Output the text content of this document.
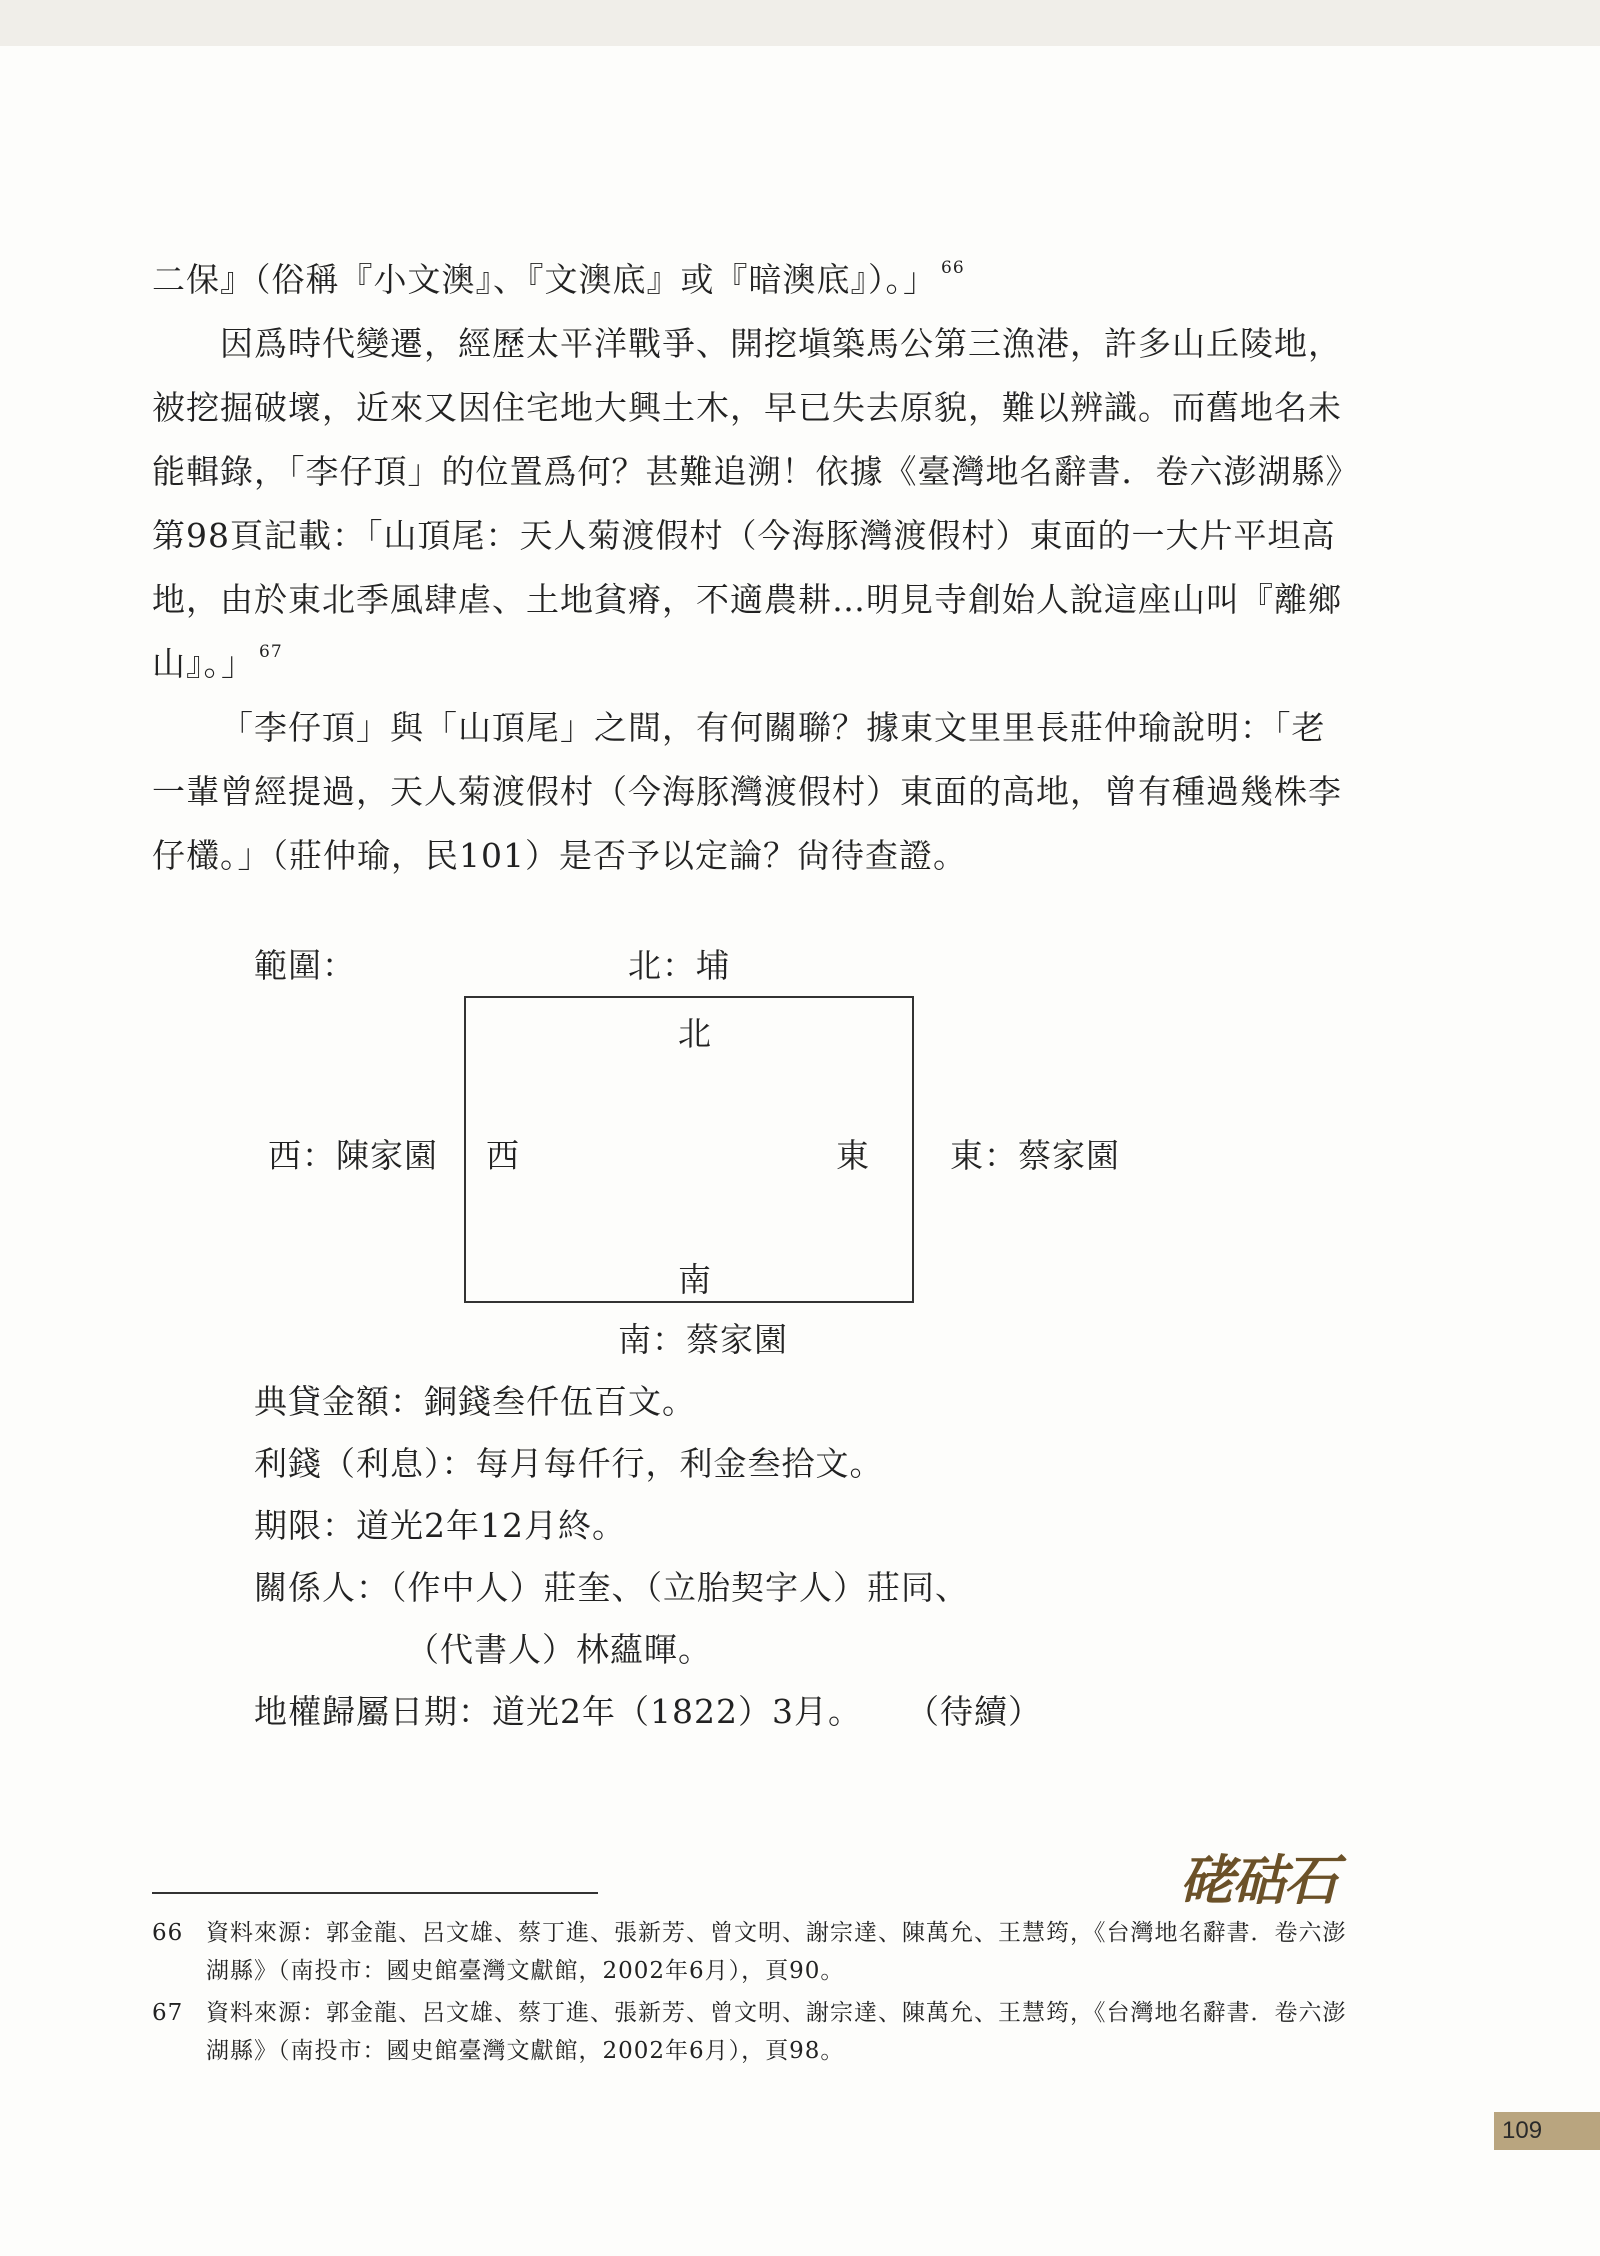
二保』（俗稱『小文澳』、『文澳底』或『暗澳底』）。」 $^{66}$

因爲時代變遷，經歷太平洋戰爭、開挖塡築馬公第三漁港，許多山丘陵地，被挖掘破壞，近來又因住宅地大興土木，早已失去原貌，難以辨識。而舊地名未能輯錄，「李仔頂」的位置爲何？甚難追溯！依據《臺灣地名辭書．卷六澎湖縣》第98頁記載：「山頂尾：天人菊渡假村（今海豚灣渡假村）東面的一大片平坦高地，由於東北季風肆虐、土地貧瘠，不適農耕…明見寺創始人說這座山叫『離鄉山』。」 $^{67}$

「李仔頂」與「山頂尾」之間，有何關聯？據東文里里長莊仲瑜說明：「老一輩曾經提過，天人菊渡假村（今海豚灣渡假村）東面的高地，曾有種過幾株李仔欉。」（莊仲瑜，民101）是否予以定論？尙待查證。

範圍：	北：埔
北
西：陳家園 西	東 東：蔡家園
南
南：蔡家園
典貸金額：銅錢叁仟伍百文。
利錢（利息）：每月每仟行，利金叁拾文。
期限：道光2年12月終。
關係人：（作中人）莊奎、（立胎契字人）莊同、
（代書人）林蘊暉。
地權歸屬日期：道光2年（1822）3月。 （待續）
硓𥑮石
66 資料來源：郭金龍、呂文雄、蔡丁進、張新芳、曾文明、謝宗達、陳萬允、王慧筠，《台灣地名辭書．卷六澎湖縣》（南投市：國史館臺灣文獻館，2002年6月），頁90。
67 資料來源：郭金龍、呂文雄、蔡丁進、張新芳、曾文明、謝宗達、陳萬允、王慧筠，《台灣地名辭書．卷六澎湖縣》（南投市：國史館臺灣文獻館，2002年6月），頁98。
109
